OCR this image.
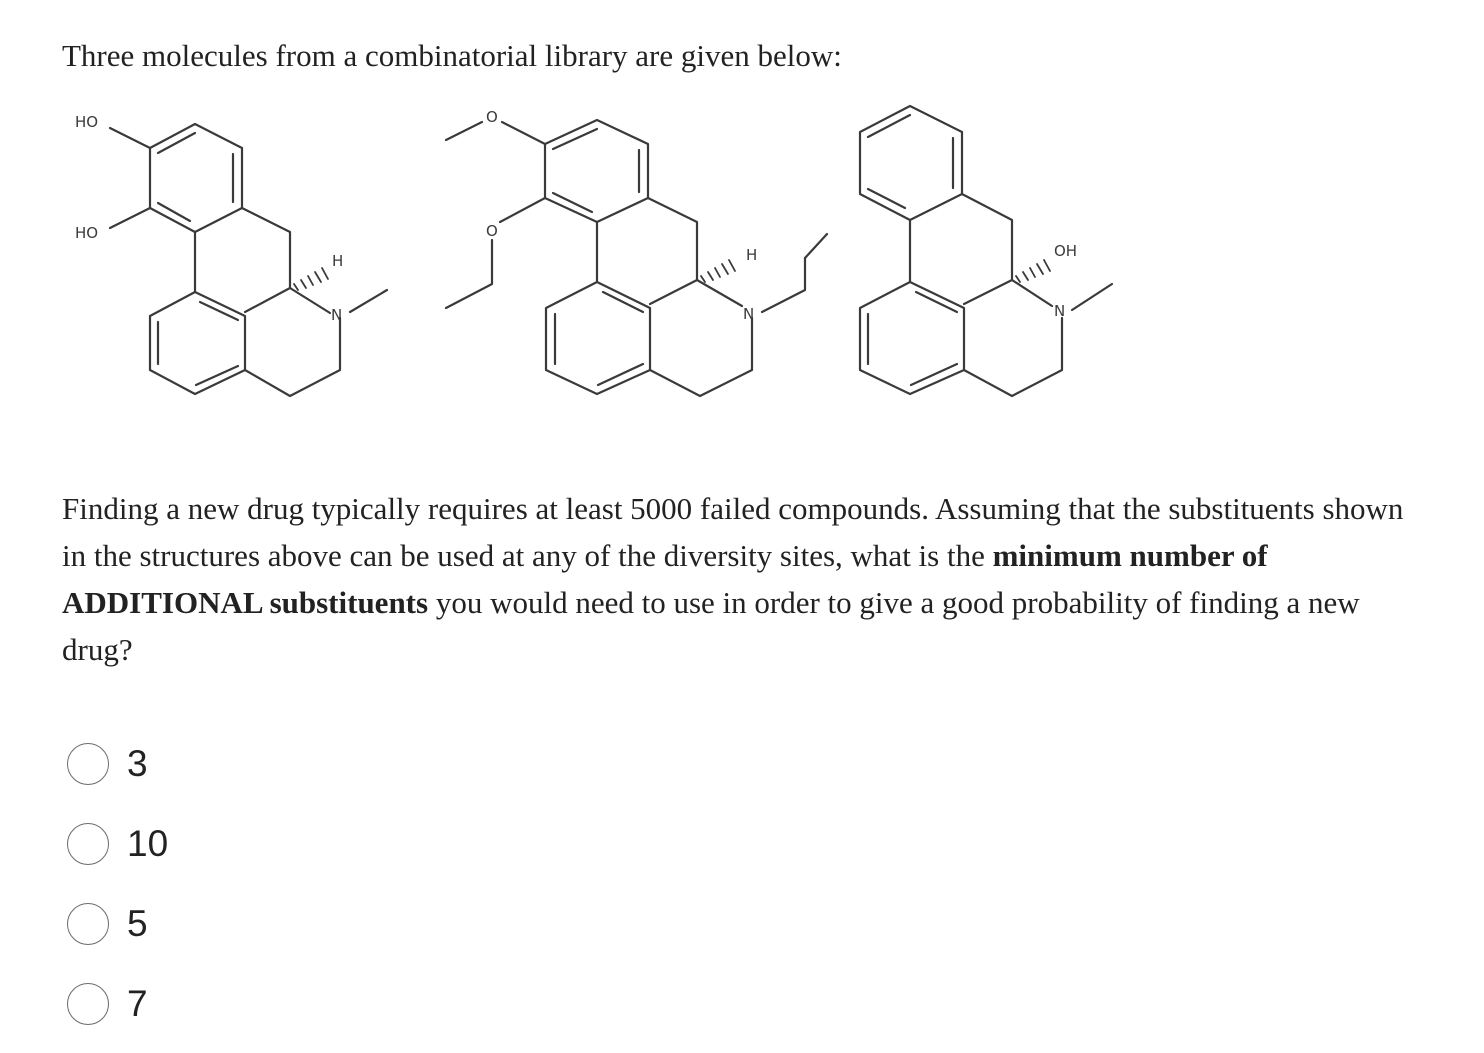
Three molecules from a combinatorial library are given below:

HO
HO
H
N
O
O
H
N
OH
N
Finding a new drug typically requires at least 5000 failed compounds. Assuming that the substituents shown
in the structures above can be used at any of the diversity sites, what is the minimum number of
ADDITIONAL substituents you would need to use in order to give a good probability of finding a new
drug?
3
10
5
7
